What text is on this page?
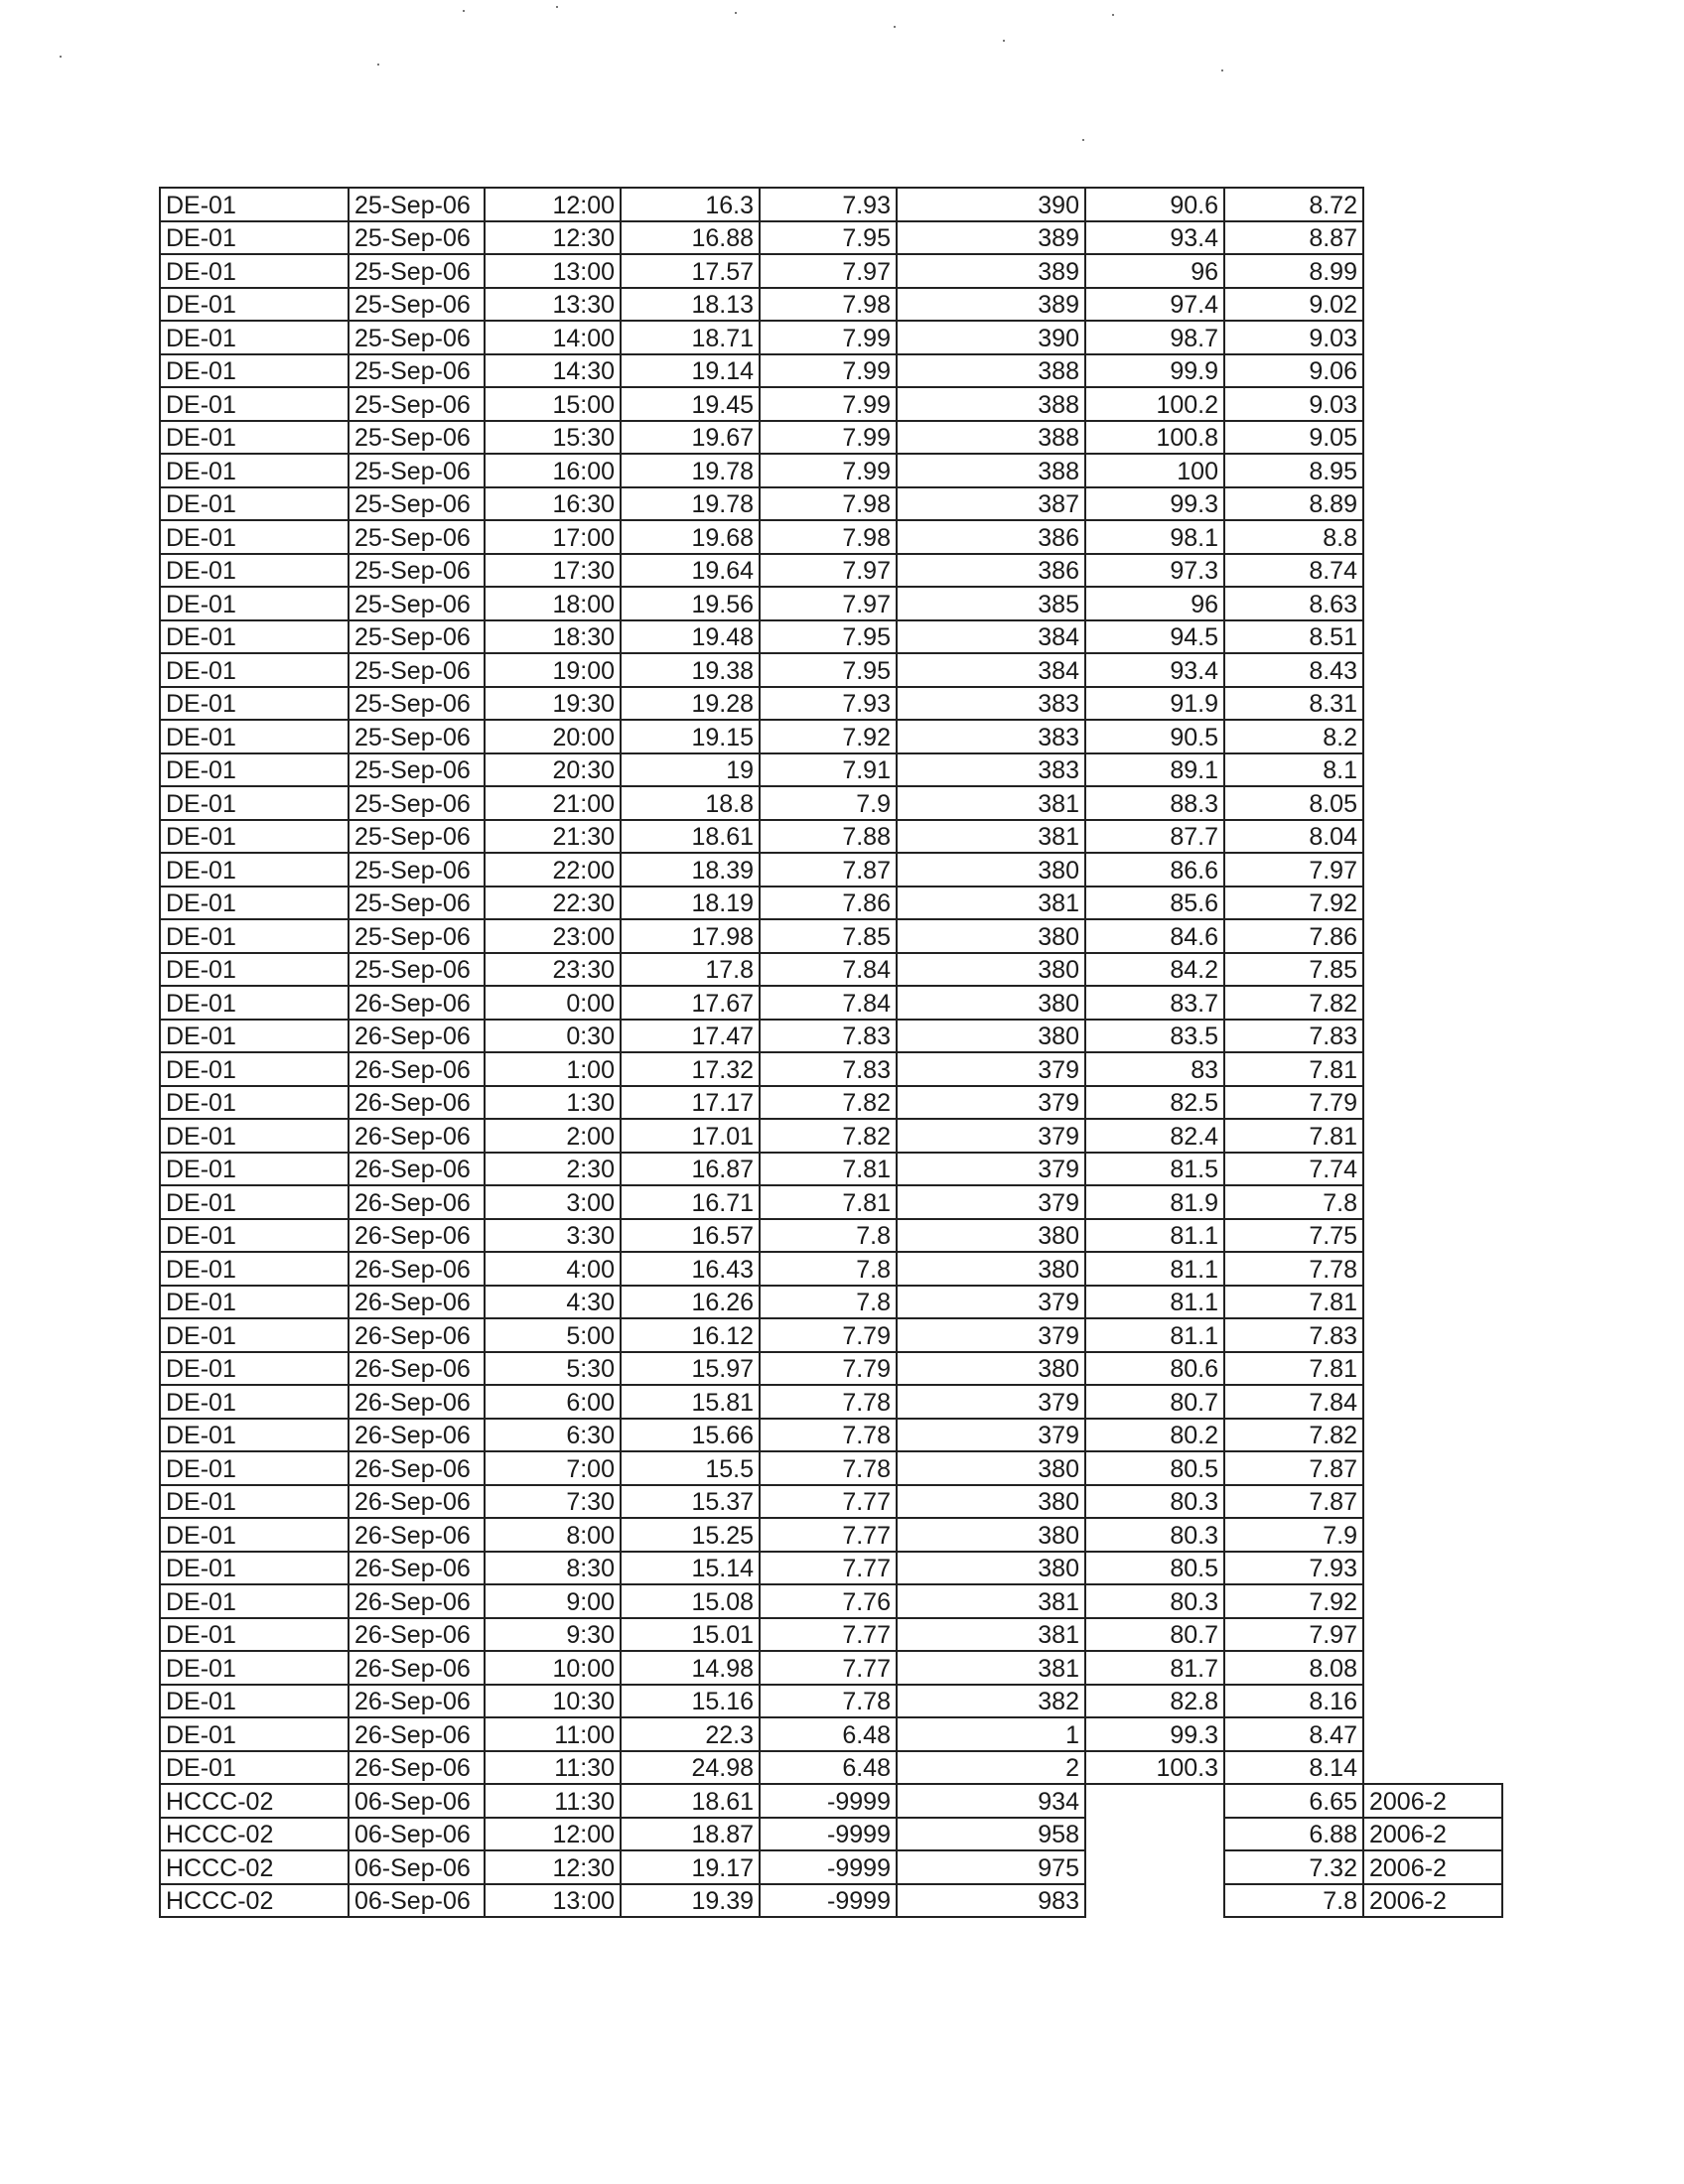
DE-01	25-Sep-06	12:00	16.3	7.93	390	90.6	8.72	
DE-01	25-Sep-06	12:30	16.88	7.95	389	93.4	8.87	
DE-01	25-Sep-06	13:00	17.57	7.97	389	96	8.99	
DE-01	25-Sep-06	13:30	18.13	7.98	389	97.4	9.02	
DE-01	25-Sep-06	14:00	18.71	7.99	390	98.7	9.03	
DE-01	25-Sep-06	14:30	19.14	7.99	388	99.9	9.06	
DE-01	25-Sep-06	15:00	19.45	7.99	388	100.2	9.03	
DE-01	25-Sep-06	15:30	19.67	7.99	388	100.8	9.05	
DE-01	25-Sep-06	16:00	19.78	7.99	388	100	8.95	
DE-01	25-Sep-06	16:30	19.78	7.98	387	99.3	8.89	
DE-01	25-Sep-06	17:00	19.68	7.98	386	98.1	8.8	
DE-01	25-Sep-06	17:30	19.64	7.97	386	97.3	8.74	
DE-01	25-Sep-06	18:00	19.56	7.97	385	96	8.63	
DE-01	25-Sep-06	18:30	19.48	7.95	384	94.5	8.51	
DE-01	25-Sep-06	19:00	19.38	7.95	384	93.4	8.43	
DE-01	25-Sep-06	19:30	19.28	7.93	383	91.9	8.31	
DE-01	25-Sep-06	20:00	19.15	7.92	383	90.5	8.2	
DE-01	25-Sep-06	20:30	19	7.91	383	89.1	8.1	
DE-01	25-Sep-06	21:00	18.8	7.9	381	88.3	8.05	
DE-01	25-Sep-06	21:30	18.61	7.88	381	87.7	8.04	
DE-01	25-Sep-06	22:00	18.39	7.87	380	86.6	7.97	
DE-01	25-Sep-06	22:30	18.19	7.86	381	85.6	7.92	
DE-01	25-Sep-06	23:00	17.98	7.85	380	84.6	7.86	
DE-01	25-Sep-06	23:30	17.8	7.84	380	84.2	7.85	
DE-01	26-Sep-06	0:00	17.67	7.84	380	83.7	7.82	
DE-01	26-Sep-06	0:30	17.47	7.83	380	83.5	7.83	
DE-01	26-Sep-06	1:00	17.32	7.83	379	83	7.81	
DE-01	26-Sep-06	1:30	17.17	7.82	379	82.5	7.79	
DE-01	26-Sep-06	2:00	17.01	7.82	379	82.4	7.81	
DE-01	26-Sep-06	2:30	16.87	7.81	379	81.5	7.74	
DE-01	26-Sep-06	3:00	16.71	7.81	379	81.9	7.8	
DE-01	26-Sep-06	3:30	16.57	7.8	380	81.1	7.75	
DE-01	26-Sep-06	4:00	16.43	7.8	380	81.1	7.78	
DE-01	26-Sep-06	4:30	16.26	7.8	379	81.1	7.81	
DE-01	26-Sep-06	5:00	16.12	7.79	379	81.1	7.83	
DE-01	26-Sep-06	5:30	15.97	7.79	380	80.6	7.81	
DE-01	26-Sep-06	6:00	15.81	7.78	379	80.7	7.84	
DE-01	26-Sep-06	6:30	15.66	7.78	379	80.2	7.82	
DE-01	26-Sep-06	7:00	15.5	7.78	380	80.5	7.87	
DE-01	26-Sep-06	7:30	15.37	7.77	380	80.3	7.87	
DE-01	26-Sep-06	8:00	15.25	7.77	380	80.3	7.9	
DE-01	26-Sep-06	8:30	15.14	7.77	380	80.5	7.93	
DE-01	26-Sep-06	9:00	15.08	7.76	381	80.3	7.92	
DE-01	26-Sep-06	9:30	15.01	7.77	381	80.7	7.97	
DE-01	26-Sep-06	10:00	14.98	7.77	381	81.7	8.08	
DE-01	26-Sep-06	10:30	15.16	7.78	382	82.8	8.16	
DE-01	26-Sep-06	11:00	22.3	6.48	1	99.3	8.47	
DE-01	26-Sep-06	11:30	24.98	6.48	2	100.3	8.14	
HCCC-02	06-Sep-06	11:30	18.61	-9999	934		6.65	2006-2
HCCC-02	06-Sep-06	12:00	18.87	-9999	958		6.88	2006-2
HCCC-02	06-Sep-06	12:30	19.17	-9999	975		7.32	2006-2
HCCC-02	06-Sep-06	13:00	19.39	-9999	983		7.8	2006-2
